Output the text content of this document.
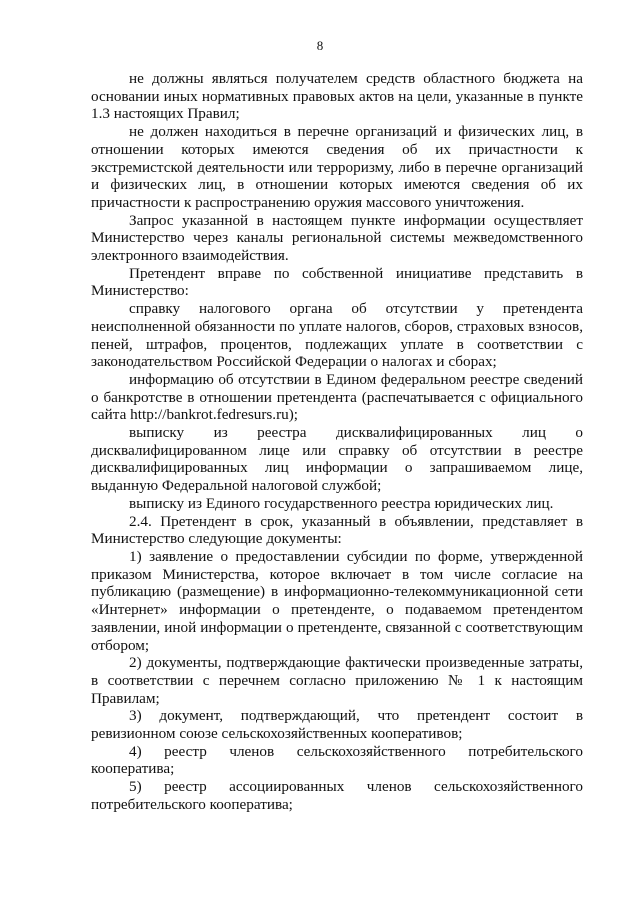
8

не должны являться получателем средств областного бюджета на основании иных нормативных правовых актов на цели, указанные в пункте 1.3 настоящих Правил;

не должен находиться в перечне организаций и физических лиц, в отношении которых имеются сведения об их причастности к экстремистской деятельности или терроризму, либо в перечне организаций и физических лиц, в отношении которых имеются сведения об их причастности к распространению оружия массового уничтожения.

Запрос указанной в настоящем пункте информации осуществляет Министерство через каналы региональной системы межведомственного электронного взаимодействия.

Претендент вправе по собственной инициативе представить в Министерство:

справку налогового органа об отсутствии у претендента неисполненной обязанности по уплате налогов, сборов, страховых взносов, пеней, штрафов, процентов, подлежащих уплате в соответствии с законодательством Российской Федерации о налогах и сборах;

информацию об отсутствии в Едином федеральном реестре сведений о банкротстве в отношении претендента (распечатывается с официального сайта http://bankrot.fedresurs.ru);

выписку из реестра дисквалифицированных лиц о дисквалифицированном лице или справку об отсутствии в реестре дисквалифицированных лиц информации о запрашиваемом лице, выданную Федеральной налоговой службой;

выписку из Единого государственного реестра юридических лиц.

2.4. Претендент в срок, указанный в объявлении, представляет в Министерство следующие документы:

1) заявление о предоставлении субсидии по форме, утвержденной приказом Министерства, которое включает в том числе согласие на публикацию (размещение) в информационно-телекоммуникационной сети «Интернет» информации о претенденте, о подаваемом претендентом заявлении, иной информации о претенденте, связанной с соответствующим отбором;

2) документы, подтверждающие фактически произведенные затраты, в соответствии с перечнем согласно приложению № 1 к настоящим Правилам;

3) документ, подтверждающий, что претендент состоит в ревизионном союзе сельскохозяйственных кооперативов;

4) реестр членов сельскохозяйственного потребительского кооператива;

5) реестр ассоциированных членов сельскохозяйственного потребительского кооператива;
